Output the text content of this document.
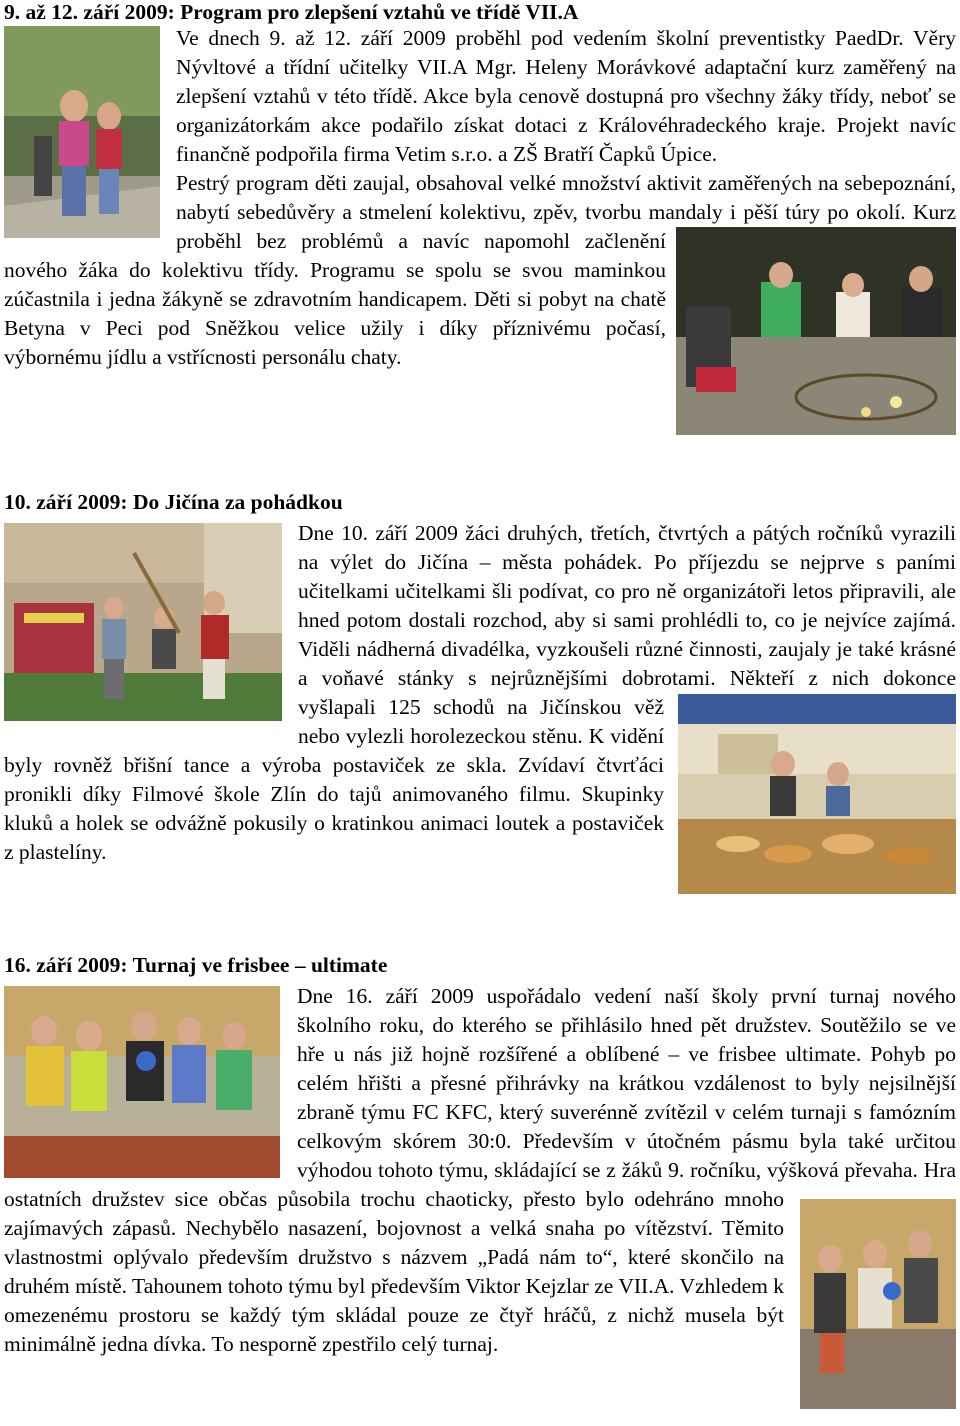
9. až 12. září 2009: Program pro zlepšení vztahů ve třídě VII.A

Ve dnech 9. až 12. září 2009 proběhl pod vedením školní preventistky PaedDr. Věry Nývltové a třídní učitelky VII.A Mgr. Heleny Morávkové adaptační kurz zaměřený na zlepšení vztahů v této třídě. Akce byla cenově dostupná pro všechny žáky třídy, neboť se organizátorkám akce podařilo získat dotaci z Královéhradeckého kraje. Projekt navíc finančně podpořila firma Vetim s.r.o. a ZŠ Bratří Čapků Úpice.

Pestrý program děti zaujal, obsahoval velké množství aktivit zaměřených na sebepoznání, nabytí sebedůvěry a stmelení kolektivu, zpěv, tvorbu mandaly i pěší túry po okolí. Kurz proběhl bez problémů a navíc napomohl začlenění nového žáka do kolektivu třídy. Programu se spolu se svou maminkou zúčastnila i jedna žákyně se zdravotním handicapem. Děti si pobyt na chatě Betyna v Peci pod Sněžkou velice užily i díky příznivému počasí, výbornému jídlu a vstřícnosti personálu chaty.

10. září 2009: Do Jičína za pohádkou

Dne 10. září 2009 žáci druhých, třetích, čtvrtých a pátých ročníků vyrazili na výlet do Jičína – města pohádek. Po příjezdu se nejprve s paními učitelkami učitelkami šli podívat, co pro ně organizátoři letos připravili, ale hned potom dostali rozchod, aby si sami prohlédli to, co je nejvíce zajímá. Viděli nádherná divadélka, vyzkoušeli různé činnosti, zaujaly je také krásné a voňavé stánky s nejrůznějšími dobrotami. Někteří z nich dokonce vyšlapali 125 schodů na Jičínskou věž nebo vylezli horolezeckou stěnu. K vidění byly rovněž břišní tance a výroba postaviček ze skla. Zvídaví čtvrťáci pronikli díky Filmové škole Zlín do tajů animovaného filmu. Skupinky kluků a holek se odvážně pokusily o kratinkou animaci loutek a postaviček z plastelíny.

16. září 2009: Turnaj ve frisbee – ultimate

Dne 16. září 2009 uspořádalo vedení naší školy první turnaj nového školního roku, do kterého se přihlásilo hned pět družstev. Soutěžilo se ve hře u nás již hojně rozšířené a oblíbené – ve frisbee ultimate. Pohyb po celém hřišti a přesné přihrávky na krátkou vzdálenost to byly nejsilnější zbraně týmu FC KFC, který suverénně zvítězil v celém turnaji s famózním celkovým skórem 30:0. Především v útočném pásmu byla také určitou výhodou tohoto týmu, skládající se z žáků 9. ročníku, výšková převaha. Hra ostatních družstev sice občas působila trochu chaoticky, přesto bylo odehráno mnoho zajímavých zápasů. Nechybělo nasazení, bojovnost a velká snaha po vítězství. Těmito vlastnostmi oplývalo především družstvo s názvem „Padá nám to“, které skončilo na druhém místě. Tahounem tohoto týmu byl především Viktor Kejzlar ze VII.A. Vzhledem k omezenému prostoru se každý tým skládal pouze ze čtyř hráčů, z nichž musela být minimálně jedna dívka. To nesporně zpestřilo celý turnaj.
